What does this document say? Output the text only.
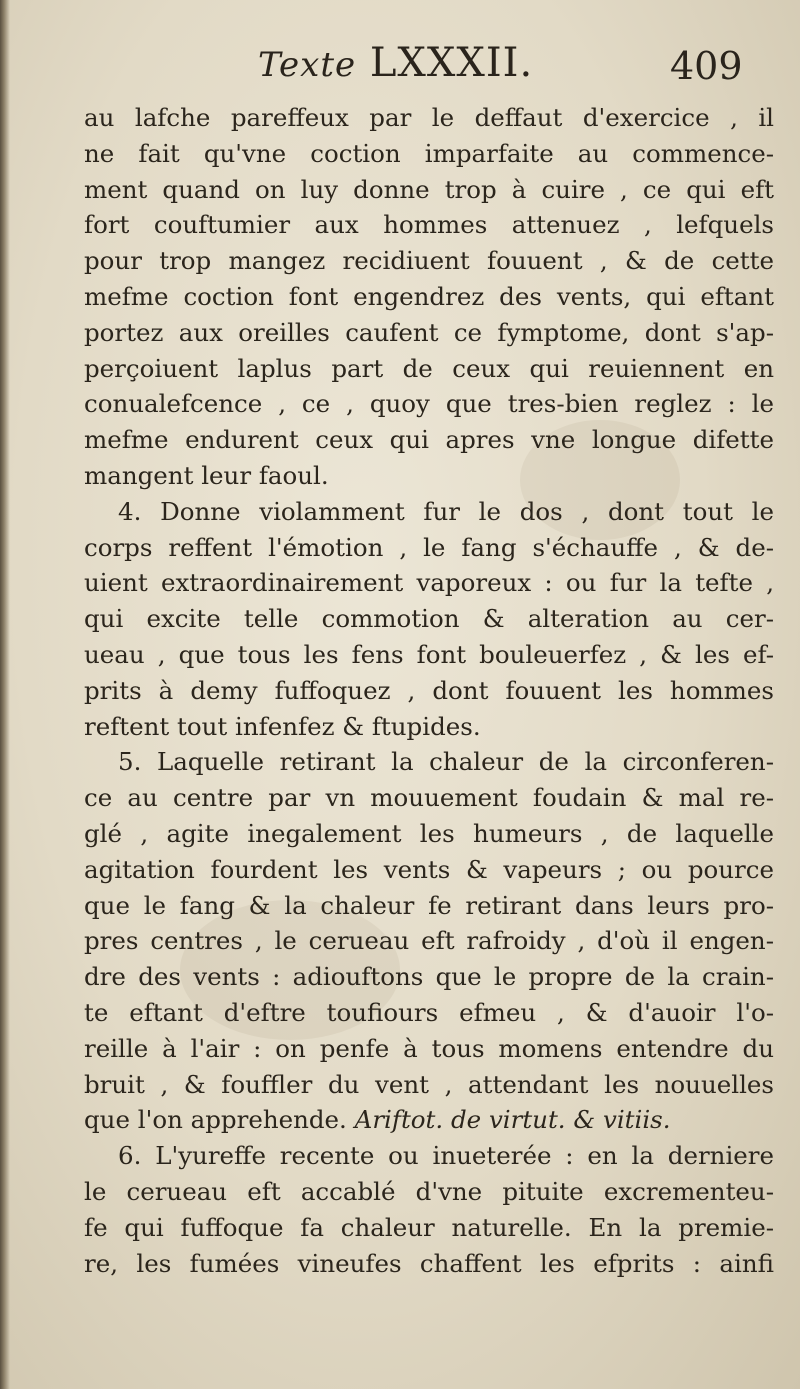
Texte LXXXII.	409
au lafche pareffeux par le deffaut d'exercice , il
ne fait qu'vne coction imparfaite au commence-
ment quand on luy donne trop à cuire , ce qui eft
fort couftumier aux hommes attenuez , lefquels
pour trop mangez recidiuent fouuent , & de cette
mefme coction font engendrez des vents, qui eftant
portez aux oreilles caufent ce fymptome, dont s'ap-
perçoiuent laplus part de ceux qui reuiennent en
conualefcence , ce , quoy que tres-bien reglez : le
mefme endurent ceux qui apres vne longue difette
mangent leur faoul.
4. Donne violamment fur le dos , dont tout le
corps reffent l'émotion , le fang s'échauffe , & de-
uient extraordinairement vaporeux : ou fur la tefte ,
qui excite telle commotion & alteration au cer-
ueau , que tous les fens font bouleuerfez , & les ef-
prits à demy fuffoquez , dont fouuent les hommes
reftent tout infenfez & ftupides.
5. Laquelle retirant la chaleur de la circonferen-
ce au centre par vn mouuement foudain & mal re-
glé , agite inegalement les humeurs , de laquelle
agitation fourdent les vents & vapeurs ; ou pource
que le fang & la chaleur fe retirant dans leurs pro-
pres centres , le cerueau eft rafroidy , d'où il engen-
dre des vents : adiouftons que le propre de la crain-
te eftant d'eftre toufiours efmeu , & d'auoir l'o-
reille à l'air : on penfe à tous momens entendre du
bruit , & fouffler du vent , attendant les nouuelles
que l'on apprehende. Ariftot. de virtut. & vitiis.
6. L'yureffe recente ou inueterée : en la derniere
le cerueau eft accablé d'vne pituite excrementeu-
fe qui fuffoque fa chaleur naturelle. En la premie-
re, les fumées vineufes chaffent les efprits : ainfi
